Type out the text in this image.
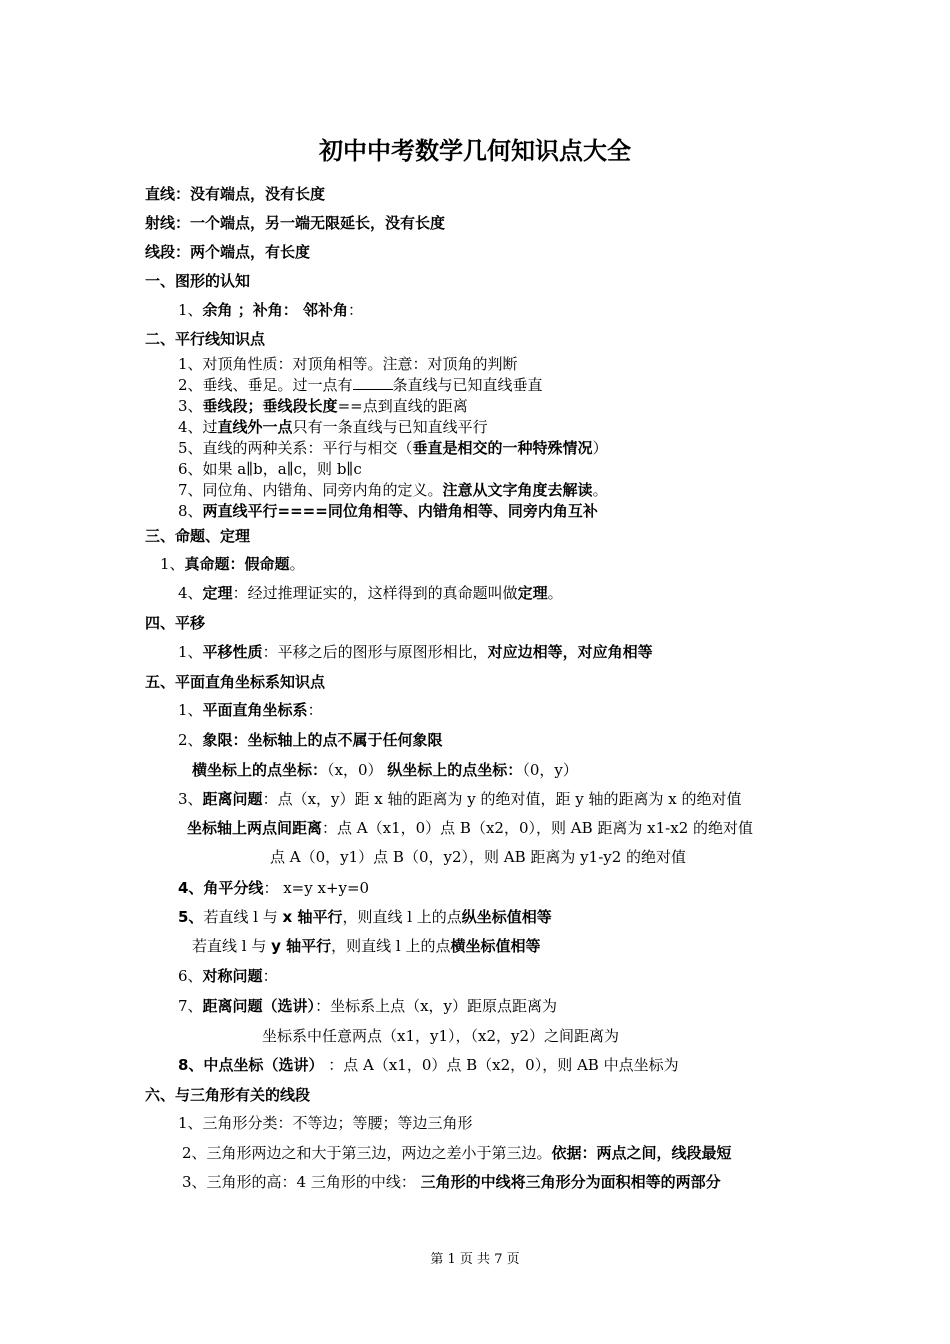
初中中考数学几何知识点大全
直线：没有端点，没有长度
射线：一个端点，另一端无限延长，没有长度
线段：两个端点，有长度
一、图形的认知
1、余角 ；补角： 邻补角：
二、平行线知识点
1、对顶角性质：对顶角相等。注意：对顶角的判断
2、垂线、垂足。过一点有	条直线与已知直线垂直
3、垂线段；垂线段长度==点到直线的距离
4、过直线外一点只有一条直线与已知直线平行
5、直线的两种关系：平行与相交（垂直是相交的一种特殊情况）
6、如果 a∥b，a∥c，则 b∥c
7、同位角、内错角、同旁内角的定义。注意从文字角度去解读。
8、两直线平行====同位角相等、内错角相等、同旁内角互补
三、命题、定理
1、真命题：假命题。
4、定理：经过推理证实的，这样得到的真命题叫做定理。
四、平移
1、平移性质：平移之后的图形与原图形相比，对应边相等，对应角相等
五、平面直角坐标系知识点
1、平面直角坐标系：
2、象限：坐标轴上的点不属于任何象限
横坐标上的点坐标：（x，0） 纵坐标上的点坐标：（0，y）
3、距离问题：点（x，y）距 x 轴的距离为 y 的绝对值，距 y 轴的距离为 x 的绝对值
坐标轴上两点间距离：点 A（x1，0）点 B（x2，0），则 AB 距离为 x1-x2 的绝对值
点 A（0，y1）点 B（0，y2），则 AB 距离为 y1-y2 的绝对值
4、角平分线： x=y x+y=0
5、若直线 l 与 x 轴平行，则直线 l 上的点纵坐标值相等
若直线 l 与 y 轴平行，则直线 l 上的点横坐标值相等
6、对称问题：
7、距离问题（选讲）：坐标系上点（x，y）距原点距离为
坐标系中任意两点（x1，y1），（x2，y2）之间距离为
8、中点坐标（选讲） ：点 A（x1，0）点 B（x2，0），则 AB 中点坐标为
六、与三角形有关的线段
1、三角形分类：不等边；等腰；等边三角形
2、三角形两边之和大于第三边，两边之差小于第三边。依据：两点之间，线段最短
3、三角形的高：4 三角形的中线： 三角形的中线将三角形分为面积相等的两部分
第 1 页 共 7 页
